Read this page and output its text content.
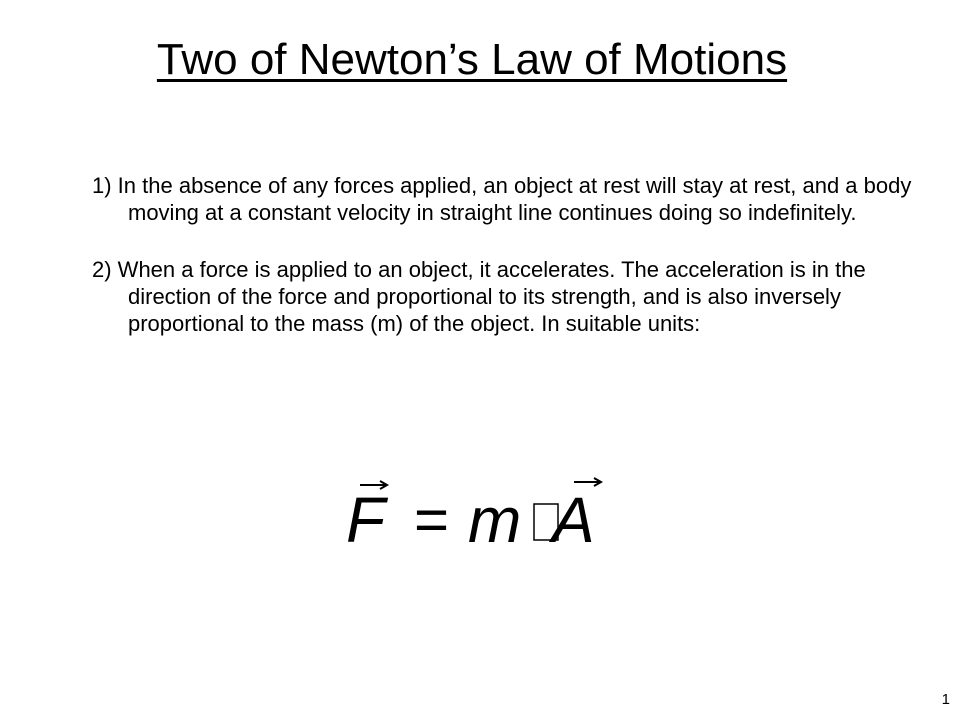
Two of Newton’s Law of Motions

1) In the absence of any forces applied, an object at rest will stay at rest, and a body moving at a constant velocity in straight line continues doing so indefinitely.

2) When a force is applied to an object, it accelerates. The acceleration is in the direction of the force and proportional to its strength, and is also inversely proportional to the mass (m) of the object. In suitable units:

F = m A
1
